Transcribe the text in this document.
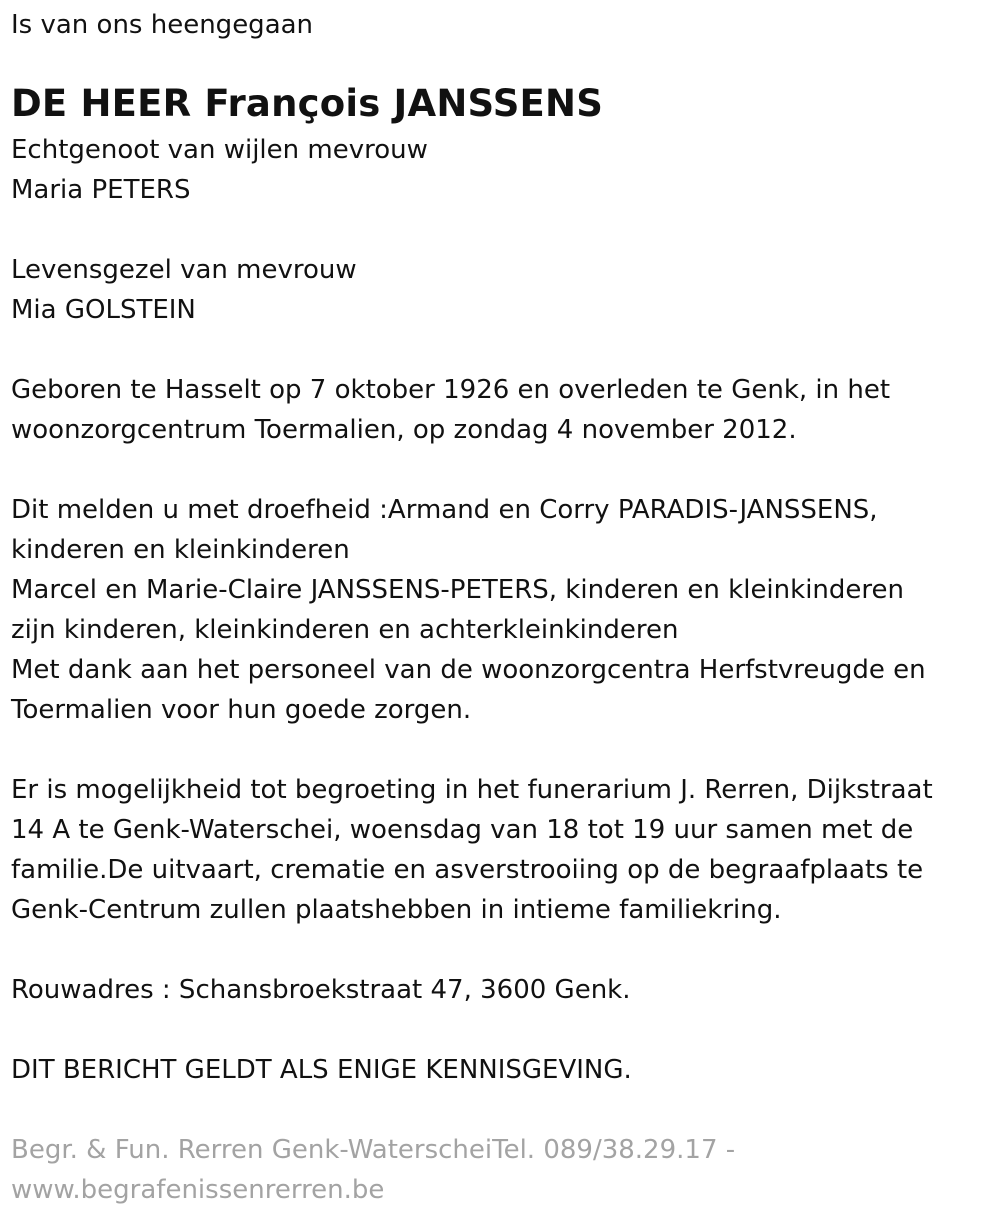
Is van ons heengegaan
DE HEER François JANSSENS
Echtgenoot van wijlen mevrouw
Maria PETERS
Levensgezel van mevrouw
Mia GOLSTEIN
Geboren te Hasselt op 7 oktober 1926 en overleden te Genk, in het
woonzorgcentrum Toermalien, op zondag 4 november 2012.
Dit melden u met droefheid :Armand en Corry PARADIS-JANSSENS,
kinderen en kleinkinderen
Marcel en Marie-Claire JANSSENS-PETERS, kinderen en kleinkinderen
zijn kinderen, kleinkinderen en achterkleinkinderen
Met dank aan het personeel van de woonzorgcentra Herfstvreugde en
Toermalien voor hun goede zorgen.
Er is mogelijkheid tot begroeting in het funerarium J. Rerren, Dijkstraat
14 A te Genk-Waterschei, woensdag van 18 tot 19 uur samen met de
familie.De uitvaart, crematie en asverstrooiing op de begraafplaats te
Genk-Centrum zullen plaatshebben in intieme familiekring.
Rouwadres : Schansbroekstraat 47, 3600 Genk.
DIT BERICHT GELDT ALS ENIGE KENNISGEVING.
Begr. & Fun. Rerren Genk-WaterscheiTel. 089/38.29.17 -
www.begrafenissenrerren.be
